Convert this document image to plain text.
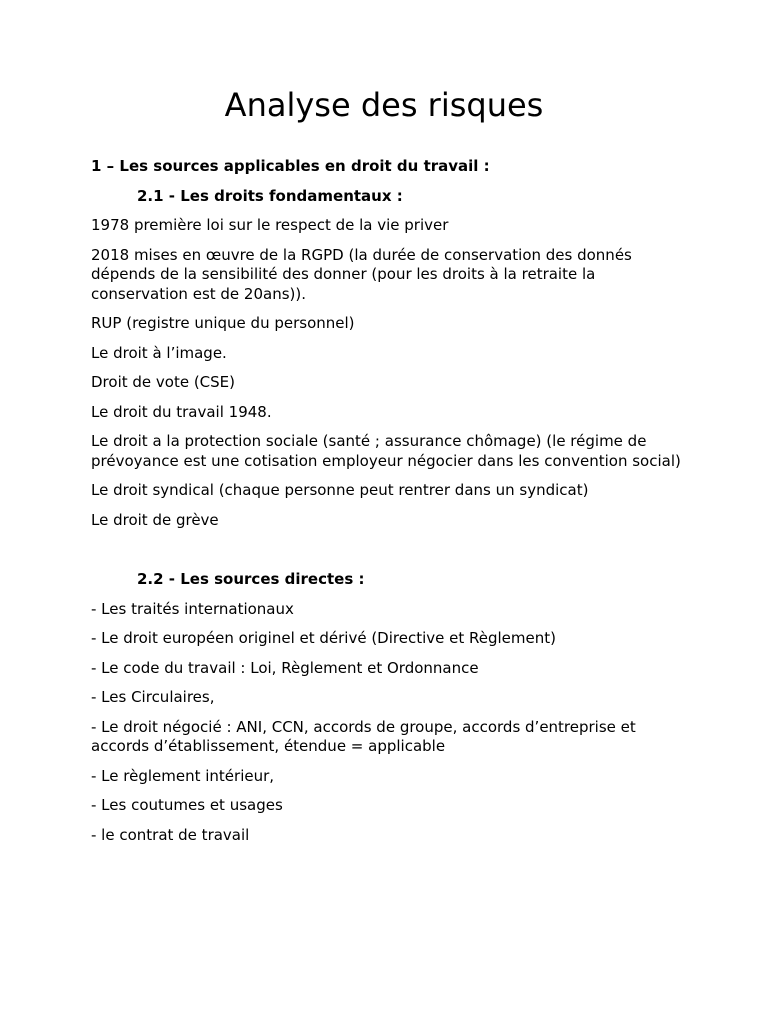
Analyse des risques

1 – Les sources applicables en droit du travail :

2.1 - Les droits fondamentaux :

1978 première loi sur le respect de la vie priver

2018 mises en œuvre de la RGPD (la durée de conservation des donnés dépends de la sensibilité des donner (pour les droits à la retraite la conservation est de 20ans)).

RUP (registre unique du personnel)

Le droit à l’image.

Droit de vote (CSE)

Le droit du travail 1948.

Le droit a la protection sociale (santé ; assurance chômage) (le régime de prévoyance est une cotisation employeur négocier dans les convention social)

Le droit syndical (chaque personne peut rentrer dans un syndicat)

Le droit de grève

2.2 - Les sources directes :

- Les traités internationaux

- Le droit européen originel et dérivé (Directive et Règlement)

- Le code du travail : Loi, Règlement et Ordonnance

- Les Circulaires,

- Le droit négocié : ANI, CCN, accords de groupe, accords d’entreprise et accords d’établissement, étendue = applicable

- Le règlement intérieur,

- Les coutumes et usages

- le contrat de travail
